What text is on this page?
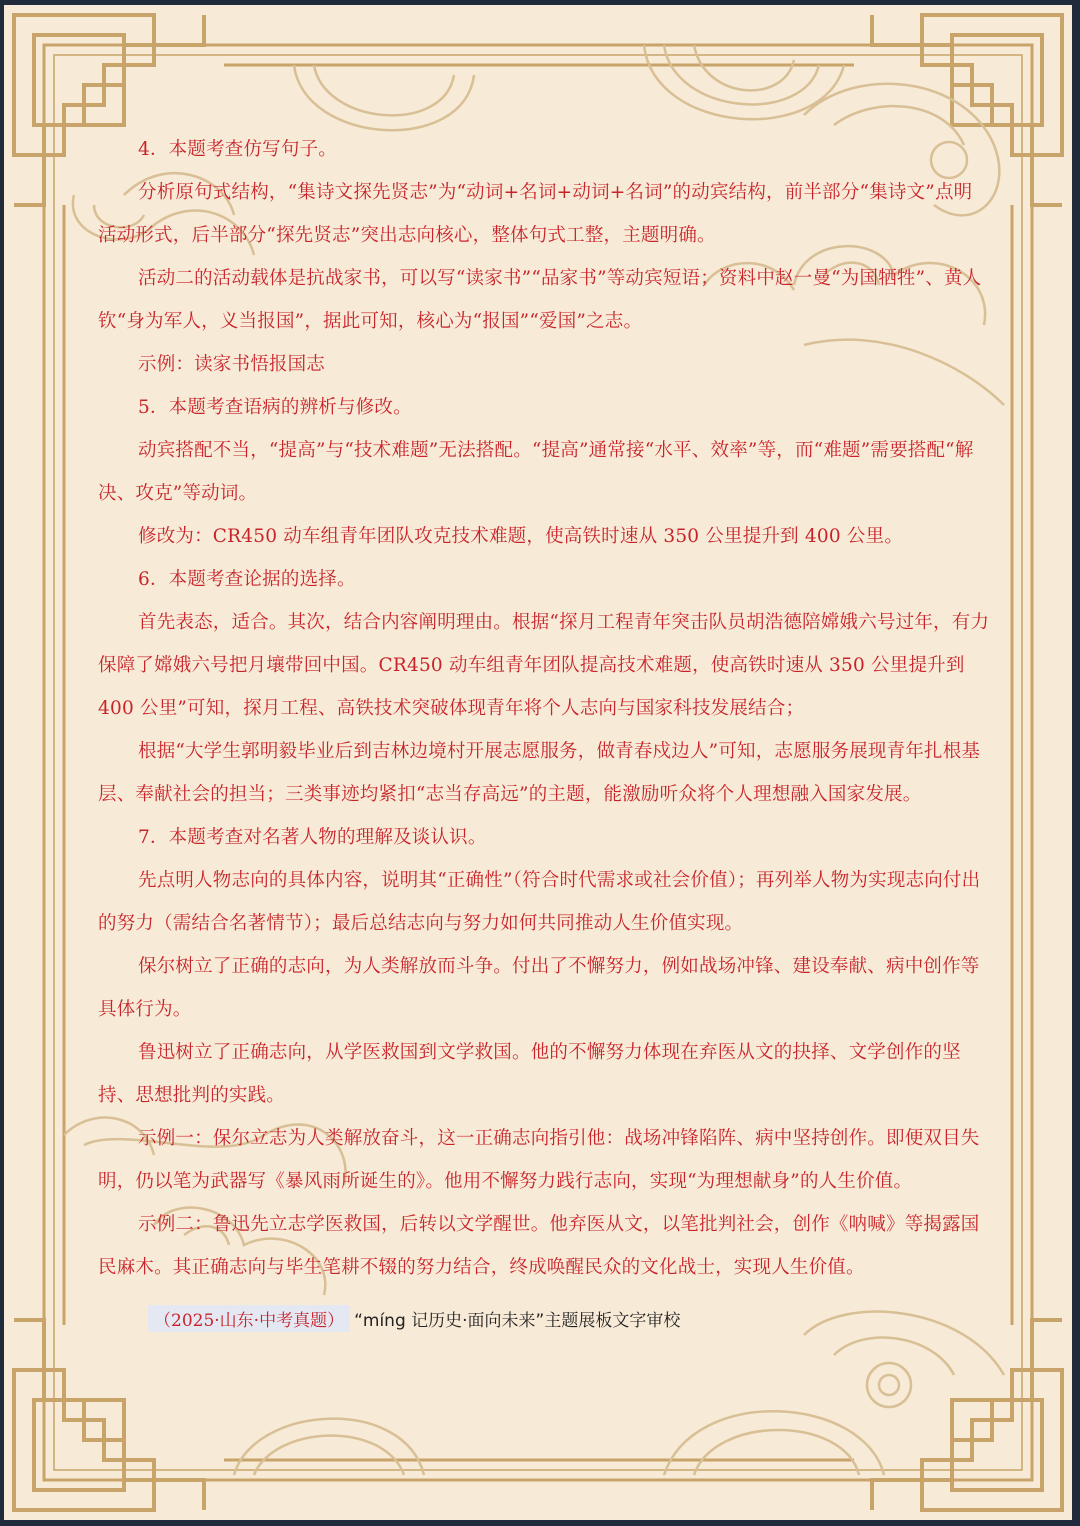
4．本题考查仿写句子。

分析原句式结构，“集诗文探先贤志”为“动词+名词+动词+名词”的动宾结构，前半部分“集诗文”点明活动形式，后半部分“探先贤志”突出志向核心，整体句式工整，主题明确。

活动二的活动载体是抗战家书，可以写“读家书”“品家书”等动宾短语；资料中赵一曼“为国牺牲”、黄人钦“身为军人，义当报国”，据此可知，核心为“报国”“爱国”之志。

示例：读家书悟报国志

5．本题考查语病的辨析与修改。

动宾搭配不当，“提高”与“技术难题”无法搭配。“提高”通常接“水平、效率”等，而“难题”需要搭配“解决、攻克”等动词。

修改为：CR450 动车组青年团队攻克技术难题，使高铁时速从 350 公里提升到 400 公里。

6．本题考查论据的选择。

首先表态，适合。其次，结合内容阐明理由。根据“探月工程青年突击队员胡浩德陪嫦娥六号过年，有力保障了嫦娥六号把月壤带回中国。CR450 动车组青年团队提高技术难题，使高铁时速从 350 公里提升到 400 公里”可知，探月工程、高铁技术突破体现青年将个人志向与国家科技发展结合；

根据“大学生郭明毅毕业后到吉林边境村开展志愿服务，做青春戍边人”可知，志愿服务展现青年扎根基层、奉献社会的担当；三类事迹均紧扣“志当存高远”的主题，能激励听众将个人理想融入国家发展。

7．本题考查对名著人物的理解及谈认识。

先点明人物志向的具体内容，说明其“正确性”（符合时代需求或社会价值）；再列举人物为实现志向付出的努力（需结合名著情节）；最后总结志向与努力如何共同推动人生价值实现。

保尔树立了正确的志向，为人类解放而斗争。付出了不懈努力，例如战场冲锋、建设奉献、病中创作等具体行为。

鲁迅树立了正确志向，从学医救国到文学救国。他的不懈努力体现在弃医从文的抉择、文学创作的坚持、思想批判的实践。

示例一：保尔立志为人类解放奋斗，这一正确志向指引他：战场冲锋陷阵、病中坚持创作。即便双目失明，仍以笔为武器写《暴风雨所诞生的》。他用不懈努力践行志向，实现“为理想献身”的人生价值。

示例二：鲁迅先立志学医救国，后转以文学醒世。他弃医从文，以笔批判社会，创作《呐喊》等揭露国民麻木。其正确志向与毕生笔耕不辍的努力结合，终成唤醒民众的文化战士，实现人生价值。

（2025·山东·中考真题） “míng 记历史·面向未来”主题展板文字审校
